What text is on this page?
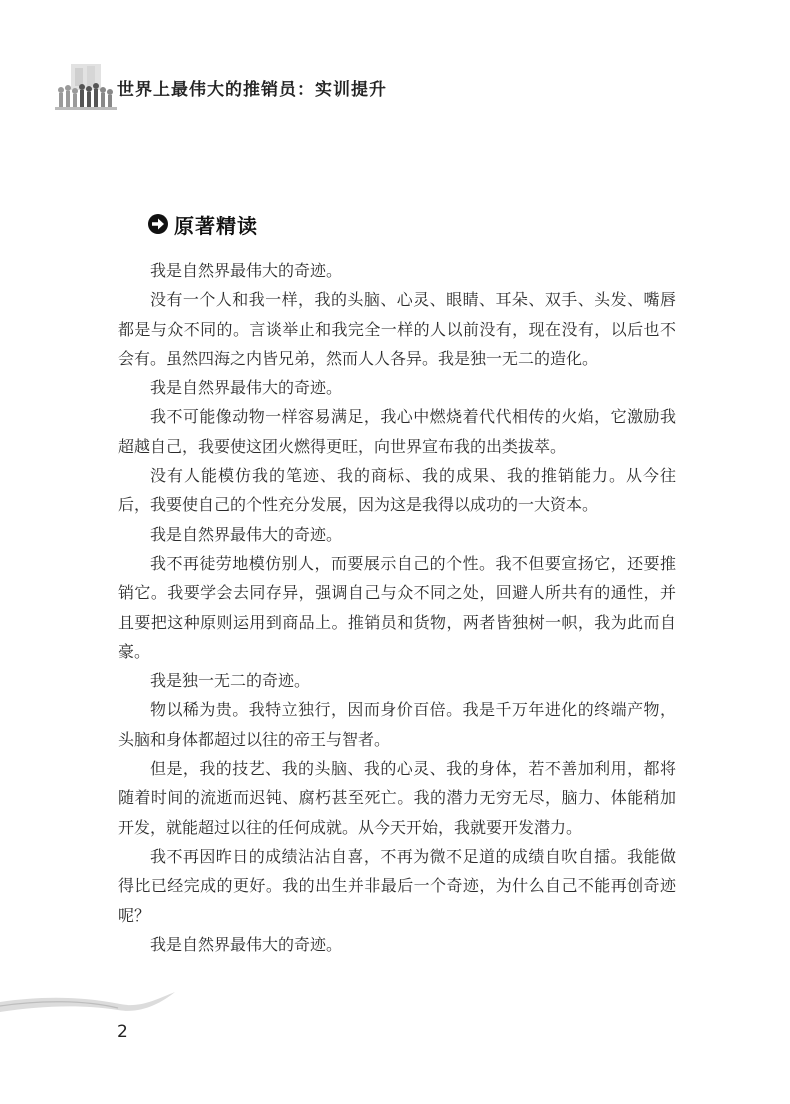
世界上最伟大的推销员：实训提升
原著精读

我是自然界最伟大的奇迹。

没有一个人和我一样，我的头脑、心灵、眼睛、耳朵、双手、头发、嘴唇都是与众不同的。言谈举止和我完全一样的人以前没有，现在没有，以后也不会有。虽然四海之内皆兄弟，然而人人各异。我是独一无二的造化。

我是自然界最伟大的奇迹。

我不可能像动物一样容易满足，我心中燃烧着代代相传的火焰，它激励我超越自己，我要使这团火燃得更旺，向世界宣布我的出类拔萃。

没有人能模仿我的笔迹、我的商标、我的成果、我的推销能力。从今往后，我要使自己的个性充分发展，因为这是我得以成功的一大资本。

我是自然界最伟大的奇迹。

我不再徒劳地模仿别人，而要展示自己的个性。我不但要宣扬它，还要推销它。我要学会去同存异，强调自己与众不同之处，回避人所共有的通性，并且要把这种原则运用到商品上。推销员和货物，两者皆独树一帜，我为此而自豪。

我是独一无二的奇迹。

物以稀为贵。我特立独行，因而身价百倍。我是千万年进化的终端产物，头脑和身体都超过以往的帝王与智者。

但是，我的技艺、我的头脑、我的心灵、我的身体，若不善加利用，都将随着时间的流逝而迟钝、腐朽甚至死亡。我的潜力无穷无尽，脑力、体能稍加开发，就能超过以往的任何成就。从今天开始，我就要开发潜力。

我不再因昨日的成绩沾沾自喜，不再为微不足道的成绩自吹自擂。我能做得比已经完成的更好。我的出生并非最后一个奇迹，为什么自己不能再创奇迹呢？

我是自然界最伟大的奇迹。

2
